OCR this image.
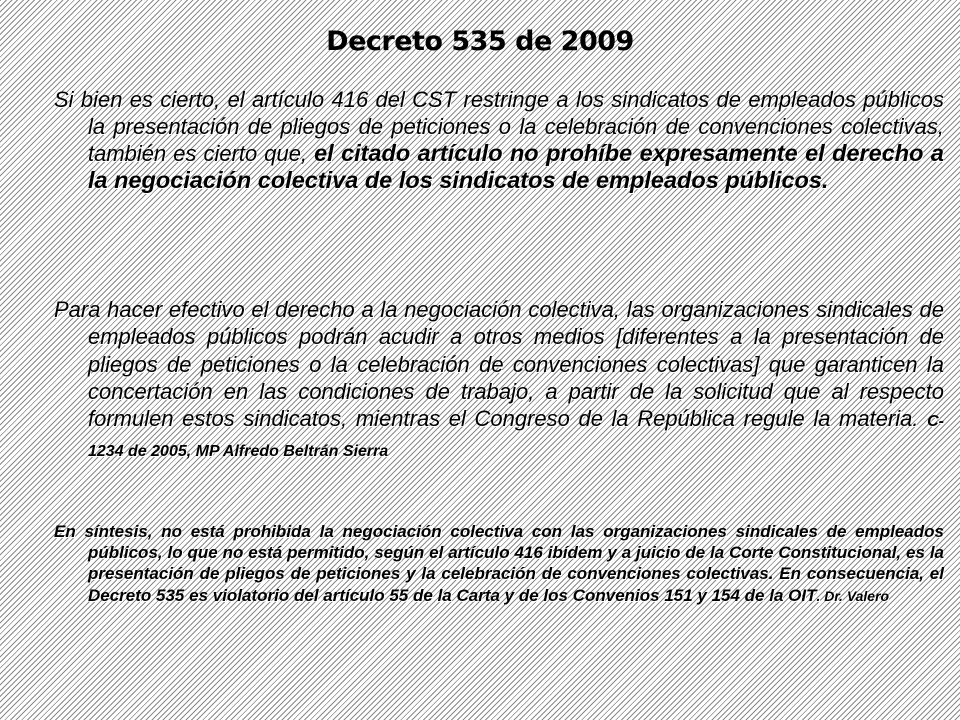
Decreto 535 de 2009
Si bien es cierto, el artículo 416 del CST restringe a los sindicatos de empleados públicos la presentación de pliegos de peticiones o la celebración de convenciones colectivas, también es cierto que, el citado artículo no prohíbe expresamente el derecho a la negociación colectiva de los sindicatos de empleados públicos.
Para hacer efectivo el derecho a la negociación colectiva, las organizaciones sindicales de empleados públicos podrán acudir a otros medios [diferentes a la presentación de pliegos de peticiones o la celebración de convenciones colectivas] que garanticen la concertación en las condiciones de trabajo, a partir de la solicitud que al respecto formulen estos sindicatos, mientras el Congreso de la República regule la materia. C-1234 de 2005, MP Alfredo Beltrán Sierra
En síntesis, no está prohibida la negociación colectiva con las organizaciones sindicales de empleados públicos, lo que no está permitido, según el artículo 416 ibídem y a juicio de la Corte Constitucional, es la presentación de pliegos de peticiones y la celebración de convenciones colectivas. En consecuencia, el Decreto 535 es violatorio del artículo 55 de la Carta y de los Convenios 151 y 154 de la OIT. Dr. Valero
